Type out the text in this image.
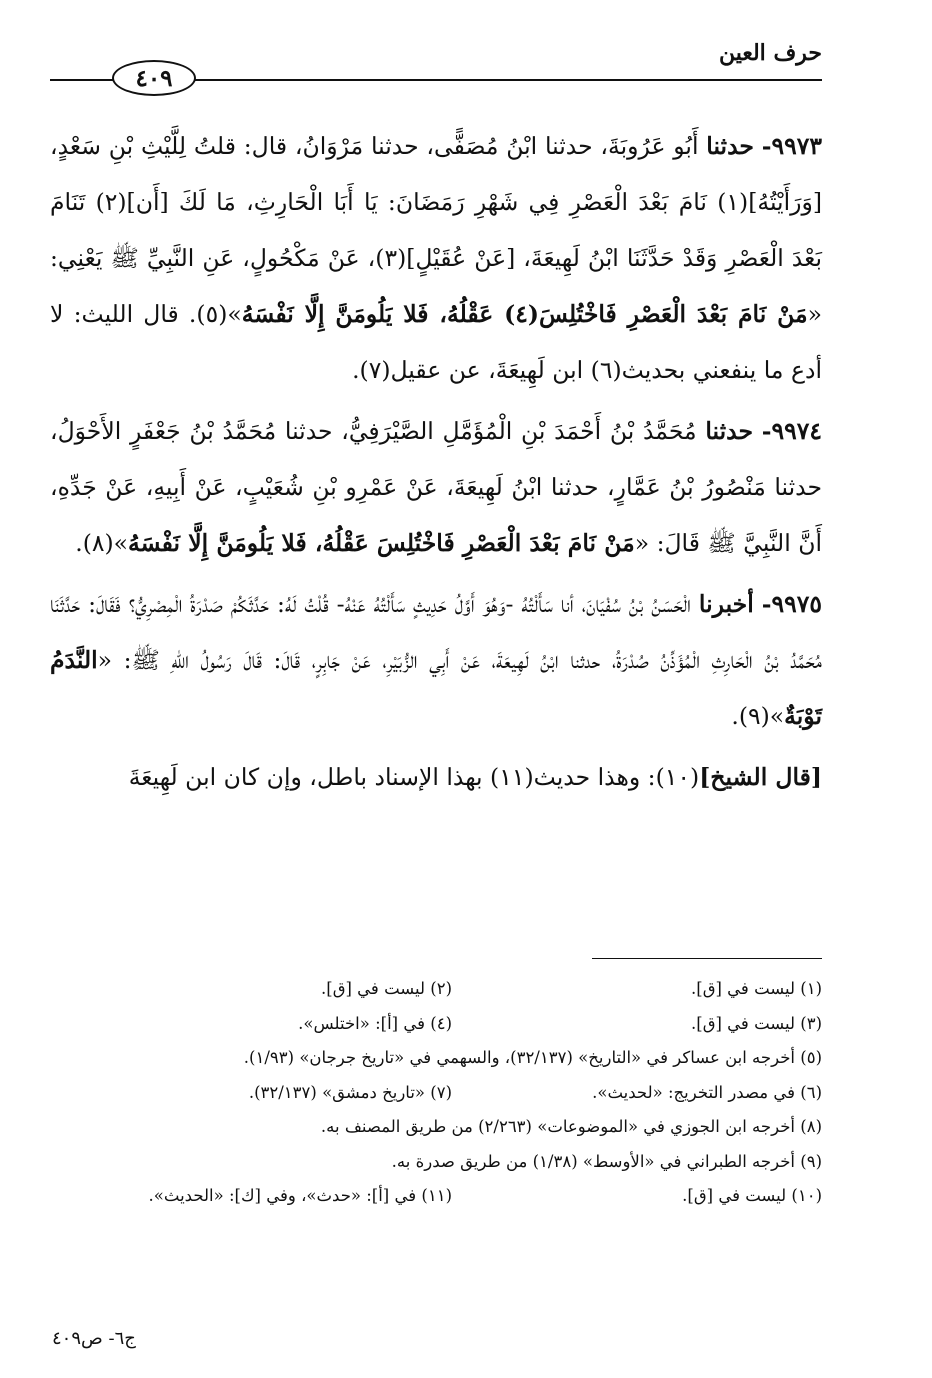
حرف العين
٤٠٩

٩٩٧٣- حدثنا أَبُو عَرُوبَةَ، حدثنا ابْنُ مُصَفًّى، حدثنا مَرْوَانُ، قال: قلتُ لِلَّيْثِ بْنِ سَعْدٍ، [وَرَأَيْتُهُ](١) نَامَ بَعْدَ الْعَصْرِ فِي شَهْرِ رَمَضَانَ: يَا أَبَا الْحَارِثِ، مَا لَكَ [أَن](٢) تَنَامَ بَعْدَ الْعَصْرِ وَقَدْ حَدَّثَنَا ابْنُ لَهِيعَةَ، [عَنْ عُقَيْلٍ](٣)، عَنْ مَكْحُولٍ، عَنِ النَّبِيِّ ﷺ يَعْنِي: «مَنْ نَامَ بَعْدَ الْعَصْرِ فَاخْتُلِسَ(٤) عَقْلُهُ، فَلا يَلُومَنَّ إِلَّا نَفْسَهُ»(٥). قال الليث: لا أدع ما ينفعني بحديث(٦) ابن لَهِيعَةَ، عن عقيل(٧).

٩٩٧٤- حدثنا مُحَمَّدُ بْنُ أَحْمَدَ بْنِ الْمُؤَمَّلِ الصَّيْرَفِيُّ، حدثنا مُحَمَّدُ بْنُ جَعْفَرٍ الأَحْوَلُ، حدثنا مَنْصُورُ بْنُ عَمَّارٍ، حدثنا ابْنُ لَهِيعَةَ، عَنْ عَمْرِو بْنِ شُعَيْبٍ، عَنْ أَبِيهِ، عَنْ جَدِّهِ، أَنَّ النَّبِيَّ ﷺ قَالَ: «مَنْ نَامَ بَعْدَ الْعَصْرِ فَاخْتُلِسَ عَقْلُهُ، فَلا يَلُومَنَّ إِلَّا نَفْسَهُ»(٨).

٩٩٧٥- أخبرنا الْحَسَنُ بْنُ سُفْيَانَ، أنا سَأَلْتُهُ -وَهُوَ أَوَّلُ حَدِيثٍ سَأَلْتُهُ عَنْهُ- قُلْتُ لَهُ: حَدَّثَكُمْ صَدْرَةُ الْمِصْرِيُّ؟ فَقَالَ: حَدَّثَنَا مُحَمَّدُ بْنُ الْحَارِثِ الْمُؤَذِّنُ صُدْرَةُ، حدثنا ابْنُ لَهِيعَةَ، عَنْ أَبِي الزُّبَيْرِ، عَنْ جَابِرٍ، قَالَ: قَالَ رَسُولُ اللهِ ﷺ: «النَّدَمُ تَوْبَةٌ»(٩).

[قال الشيخ](١٠): وهذا حديث(١١) بهذا الإسناد باطل، وإن كان ابن لَهِيعَةَ

(١) ليست في [ق].
(٢) ليست في [ق].
(٣) ليست في [ق].
(٤) في [أ]: «اختلس».
(٥) أخرجه ابن عساكر في «التاريخ» (٣٢/١٣٧)، والسهمي في «تاريخ جرجان» (١/٩٣).
(٦) في مصدر التخريج: «لحديث».
(٧) «تاريخ دمشق» (٣٢/١٣٧).
(٨) أخرجه ابن الجوزي في «الموضوعات» (٢/٢٦٣) من طريق المصنف به.
(٩) أخرجه الطبراني في «الأوسط» (١/٣٨) من طريق صدرة به.
(١٠) ليست في [ق].
(١١) في [أ]: «حدث»، وفي [ك]: «الحديث».
ج٦- ص٤٠٩
